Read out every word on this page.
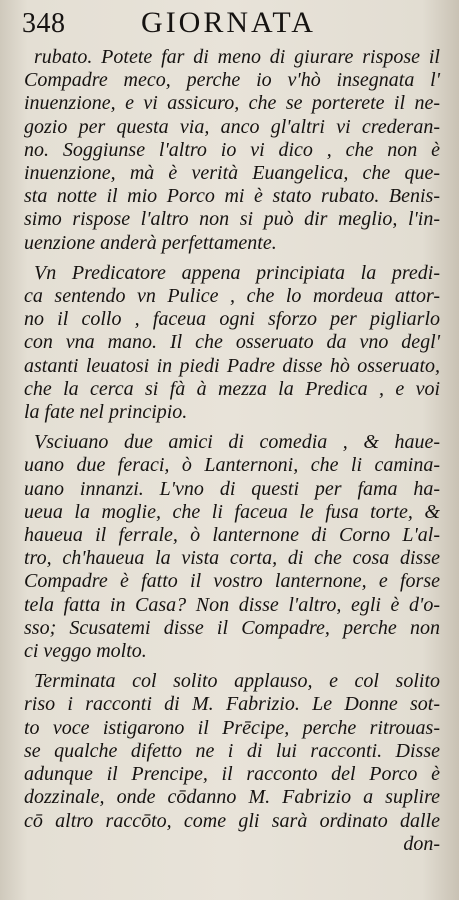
348	GIORNATA

rubato. Potete far di meno di giurare rispose il
Compadre meco, perche io v'hò insegnata l'
inuenzione, e vi assicuro, che se porterete il ne-
gozio per questa via, anco gl'altri vi crederan-
no. Soggiunse l'altro io vi dico , che non è
inuenzione, mà è verità Euangelica, che que-
sta notte il mio Porco mi è stato rubato. Benis-
simo rispose l'altro non si può dir meglio, l'in-
uenzione anderà perfettamente.

Vn Predicatore appena principiata la predi-
ca sentendo vn Pulice , che lo mordeua attor-
no il collo , faceua ogni sforzo per pigliarlo
con vna mano. Il che osseruato da vno degl'
astanti leuatosi in piedi Padre disse hò osseruato,
che la cerca si fà à mezza la Predica , e voi
la fate nel principio.

Vsciuano due amici di comedia , & haue-
uano due feraci, ò Lanternoni, che li camina-
uano innanzi. L'vno di questi per fama ha-
ueua la moglie, che li faceua le fusa torte, &
haueua il ferrale, ò lanternone di Corno L'al-
tro, ch'haueua la vista corta, di che cosa disse
Compadre è fatto il vostro lanternone, e forse
tela fatta in Casa? Non disse l'altro, egli è d'o-
sso; Scusatemi disse il Compadre, perche non
ci veggo molto.

Terminata col solito applauso, e col solito
riso i racconti di M. Fabrizio. Le Donne sot-
to voce istigarono il Prēcipe, perche ritrouas-
se qualche difetto ne i di lui racconti. Disse
adunque il Prencipe, il racconto del Porco è
dozzinale, onde cōdanno M. Fabrizio a suplire
cō altro raccōto, come gli sarà ordinato dalle

don-
